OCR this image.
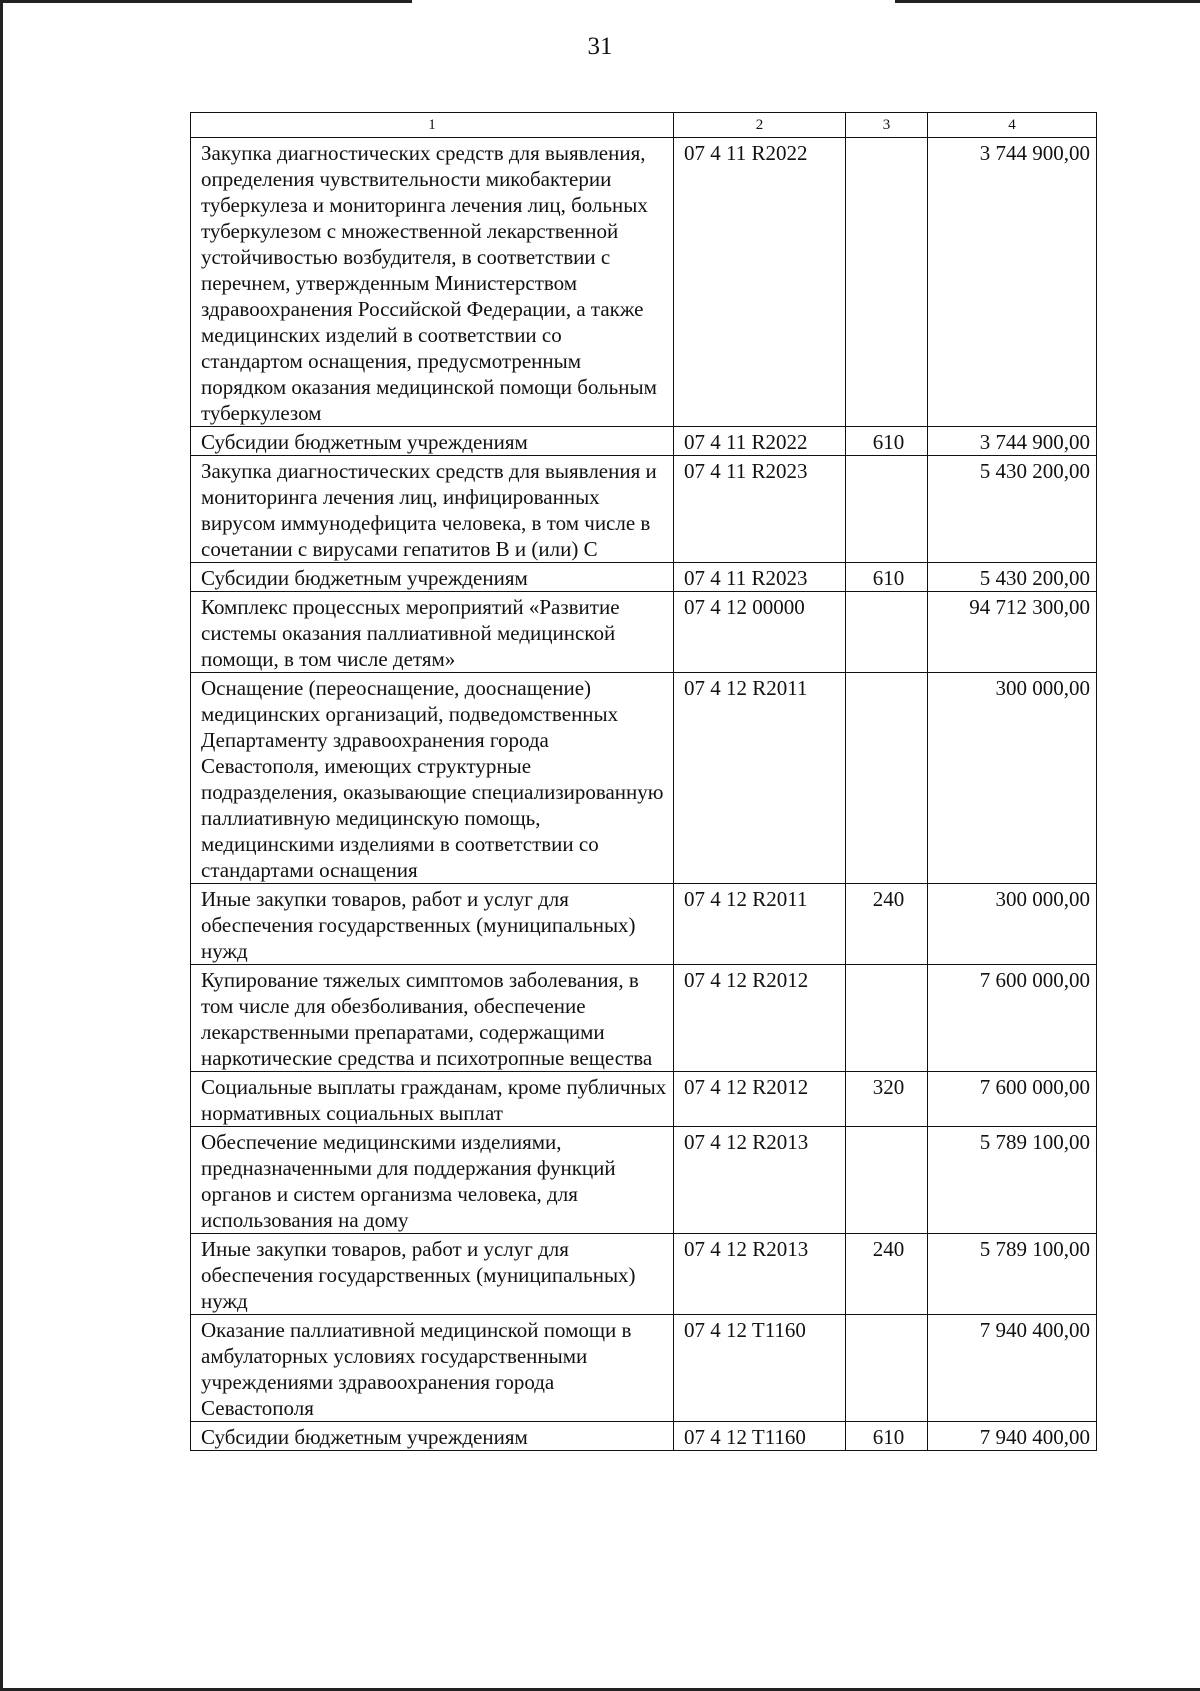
31
1	2	3	4
Закупка диагностических средств для выявления, определения чувствительности микобактерии туберкулеза и мониторинга лечения лиц, больных туберкулезом с множественной лекарственной устойчивостью возбудителя, в соответствии с перечнем, утвержденным Министерством здравоохранения Российской Федерации, а также медицинских изделий в соответствии со стандартом оснащения, предусмотренным порядком оказания медицинской помощи больным туберкулезом	07 4 11 R2022		3 744 900,00
Субсидии бюджетным учреждениям	07 4 11 R2022	610	3 744 900,00
Закупка диагностических средств для выявления и мониторинга лечения лиц, инфицированных вирусом иммунодефицита человека, в том числе в сочетании с вирусами гепатитов B и (или) C	07 4 11 R2023		5 430 200,00
Субсидии бюджетным учреждениям	07 4 11 R2023	610	5 430 200,00
Комплекс процессных мероприятий «Развитие системы оказания паллиативной медицинской помощи, в том числе детям»	07 4 12 00000		94 712 300,00
Оснащение (переоснащение, дооснащение) медицинских организаций, подведомственных Департаменту здравоохранения города Севастополя, имеющих структурные подразделения, оказывающие специализированную паллиативную медицинскую помощь, медицинскими изделиями в соответствии со стандартами оснащения	07 4 12 R2011		300 000,00
Иные закупки товаров, работ и услуг для обеспечения государственных (муниципальных) нужд	07 4 12 R2011	240	300 000,00
Купирование тяжелых симптомов заболевания, в том числе для обезболивания, обеспечение лекарственными препаратами, содержащими наркотические средства и психотропные вещества	07 4 12 R2012		7 600 000,00
Социальные выплаты гражданам, кроме публичных нормативных социальных выплат	07 4 12 R2012	320	7 600 000,00
Обеспечение медицинскими изделиями, предназначенными для поддержания функций органов и систем организма человека, для использования на дому	07 4 12 R2013		5 789 100,00
Иные закупки товаров, работ и услуг для обеспечения государственных (муниципальных) нужд	07 4 12 R2013	240	5 789 100,00
Оказание паллиативной медицинской помощи в амбулаторных условиях государственными учреждениями здравоохранения города Севастополя	07 4 12 T1160		7 940 400,00
Субсидии бюджетным учреждениям	07 4 12 T1160	610	7 940 400,00
